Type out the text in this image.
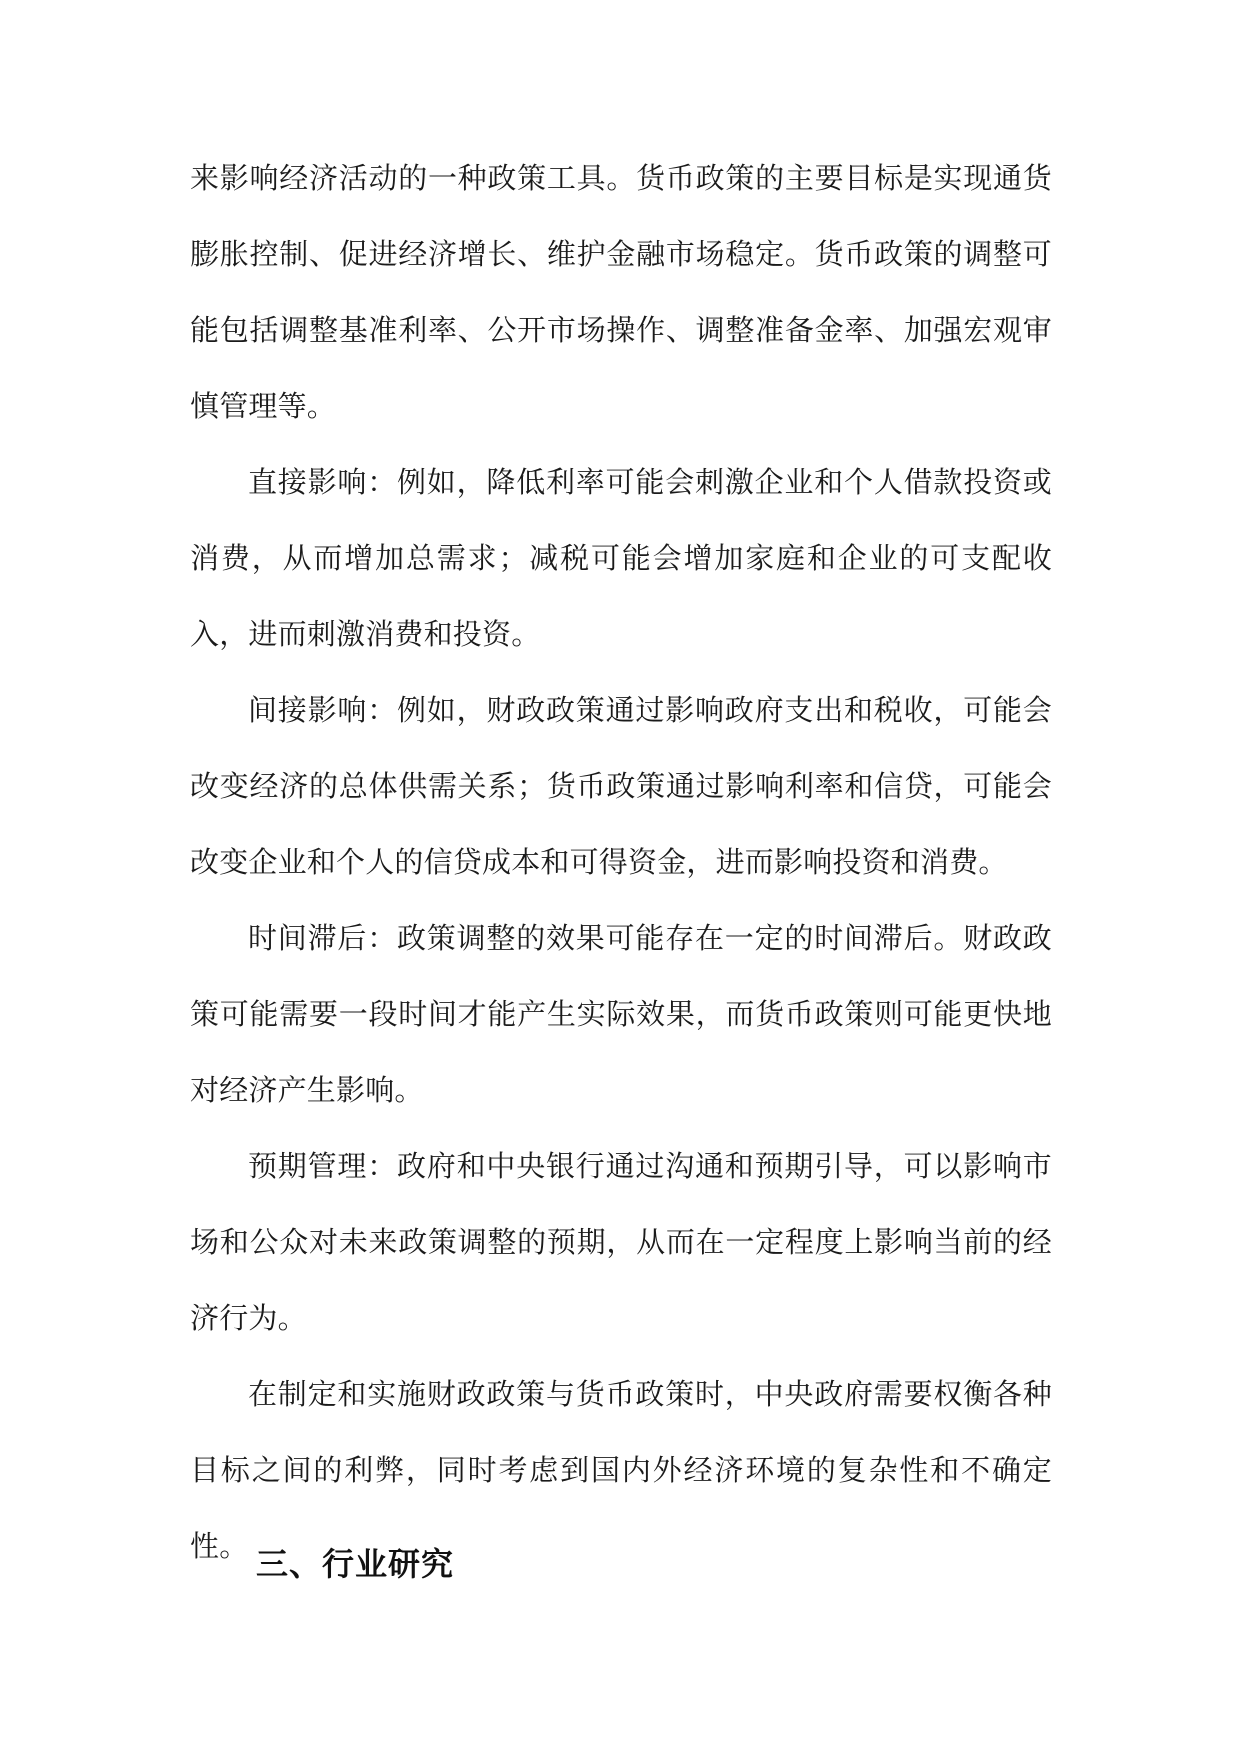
来影响经济活动的一种政策工具。货币政策的主要目标是实现通货膨胀控制、促进经济增长、维护金融市场稳定。货币政策的调整可能包括调整基准利率、公开市场操作、调整准备金率、加强宏观审慎管理等。

直接影响：例如，降低利率可能会刺激企业和个人借款投资或消费，从而增加总需求；减税可能会增加家庭和企业的可支配收入，进而刺激消费和投资。

间接影响：例如，财政政策通过影响政府支出和税收，可能会改变经济的总体供需关系；货币政策通过影响利率和信贷，可能会改变企业和个人的信贷成本和可得资金，进而影响投资和消费。

时间滞后：政策调整的效果可能存在一定的时间滞后。财政政策可能需要一段时间才能产生实际效果，而货币政策则可能更快地对经济产生影响。

预期管理：政府和中央银行通过沟通和预期引导，可以影响市场和公众对未来政策调整的预期，从而在一定程度上影响当前的经济行为。

在制定和实施财政政策与货币政策时，中央政府需要权衡各种目标之间的利弊，同时考虑到国内外经济环境的复杂性和不确定性。 三、行业研究
